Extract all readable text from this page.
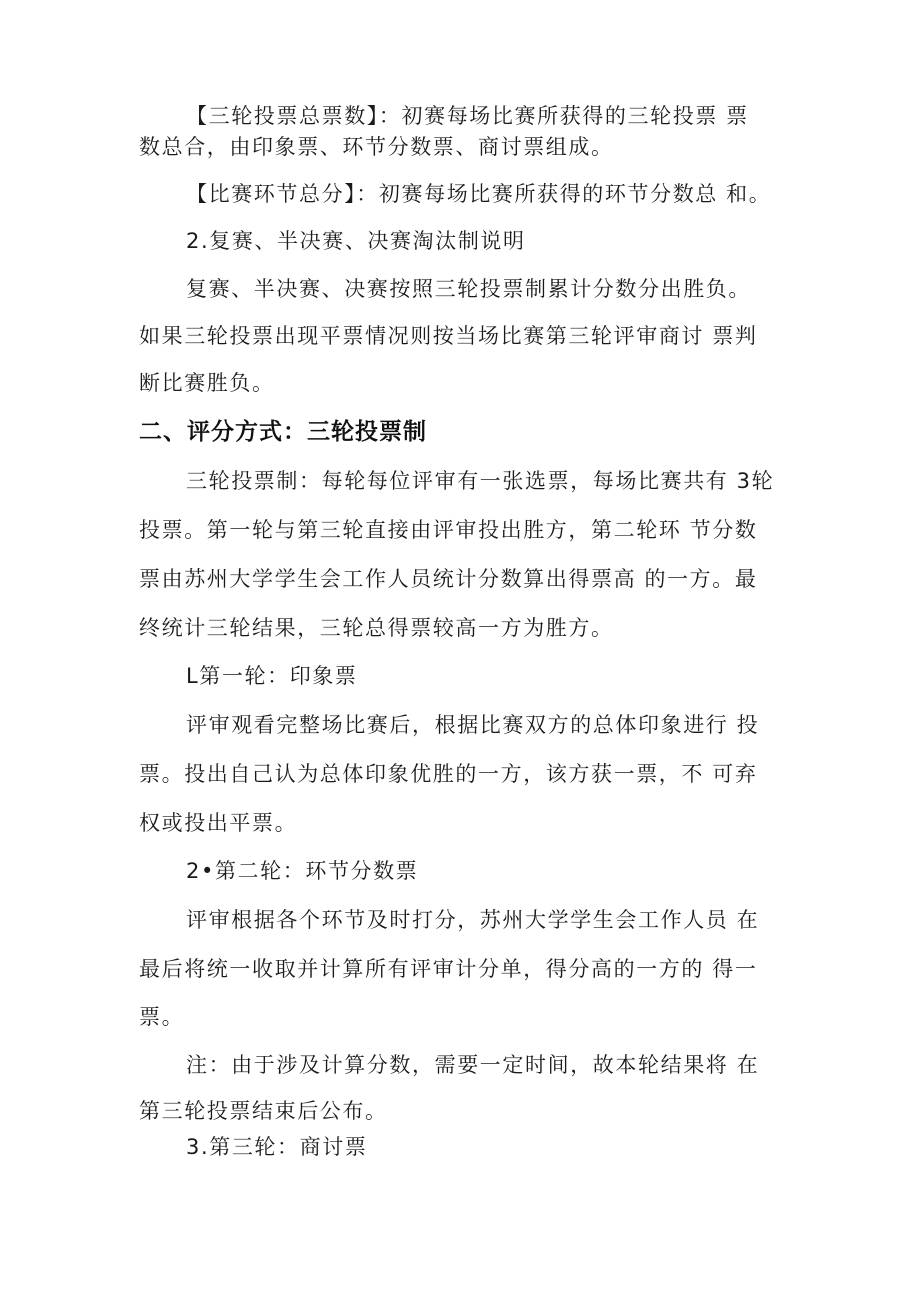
【三轮投票总票数】：初赛每场比赛所获得的三轮投票 票
数总合，由印象票、环节分数票、商讨票组成。
【比赛环节总分】：初赛每场比赛所获得的环节分数总 和。
2.复赛、半决赛、决赛淘汰制说明
复赛、半决赛、决赛按照三轮投票制累计分数分出胜负。
如果三轮投票出现平票情况则按当场比赛第三轮评审商讨 票判
断比赛胜负。
二、评分方式：三轮投票制
三轮投票制：每轮每位评审有一张选票，每场比赛共有 3轮
投票。第一轮与第三轮直接由评审投出胜方，第二轮环 节分数
票由苏州大学学生会工作人员统计分数算出得票高 的一方。最
终统计三轮结果，三轮总得票较高一方为胜方。
L第一轮：印象票
评审观看完整场比赛后，根据比赛双方的总体印象进行 投
票。投出自己认为总体印象优胜的一方，该方获一票，不 可弃
权或投出平票。
2•第二轮：环节分数票
评审根据各个环节及时打分，苏州大学学生会工作人员 在
最后将统一收取并计算所有评审计分单，得分高的一方的 得一
票。
注：由于涉及计算分数，需要一定时间，故本轮结果将 在
第三轮投票结束后公布。
3.第三轮：商讨票
